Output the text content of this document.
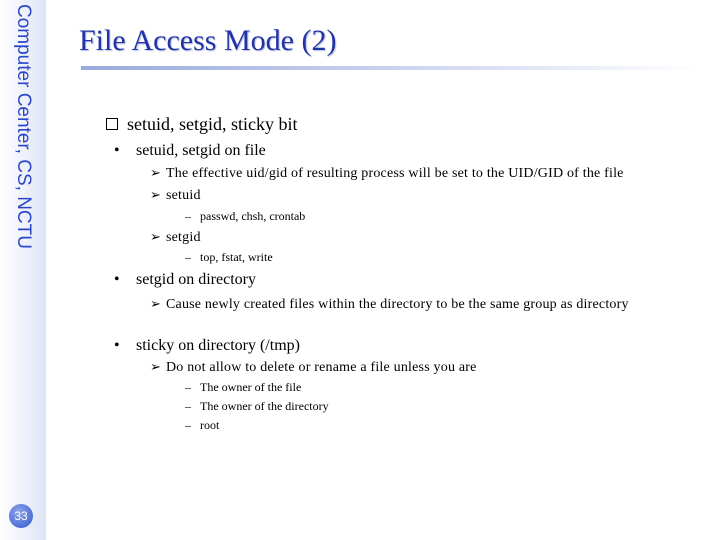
Computer Center, CS, NCTU
33
File Access Mode (2)
setuid, setgid, sticky bit
• setuid, setgid on file
➢ The effective uid/gid of resulting process will be set to the UID/GID of the file
➢ setuid
– passwd, chsh, crontab
➢ setgid
– top, fstat, write
• setgid on directory
➢ Cause newly created files within the directory to be the same group as directory
• sticky on directory (/tmp)
➢ Do not allow to delete or rename a file unless you are
– The owner of the file
– The owner of the directory
– root
